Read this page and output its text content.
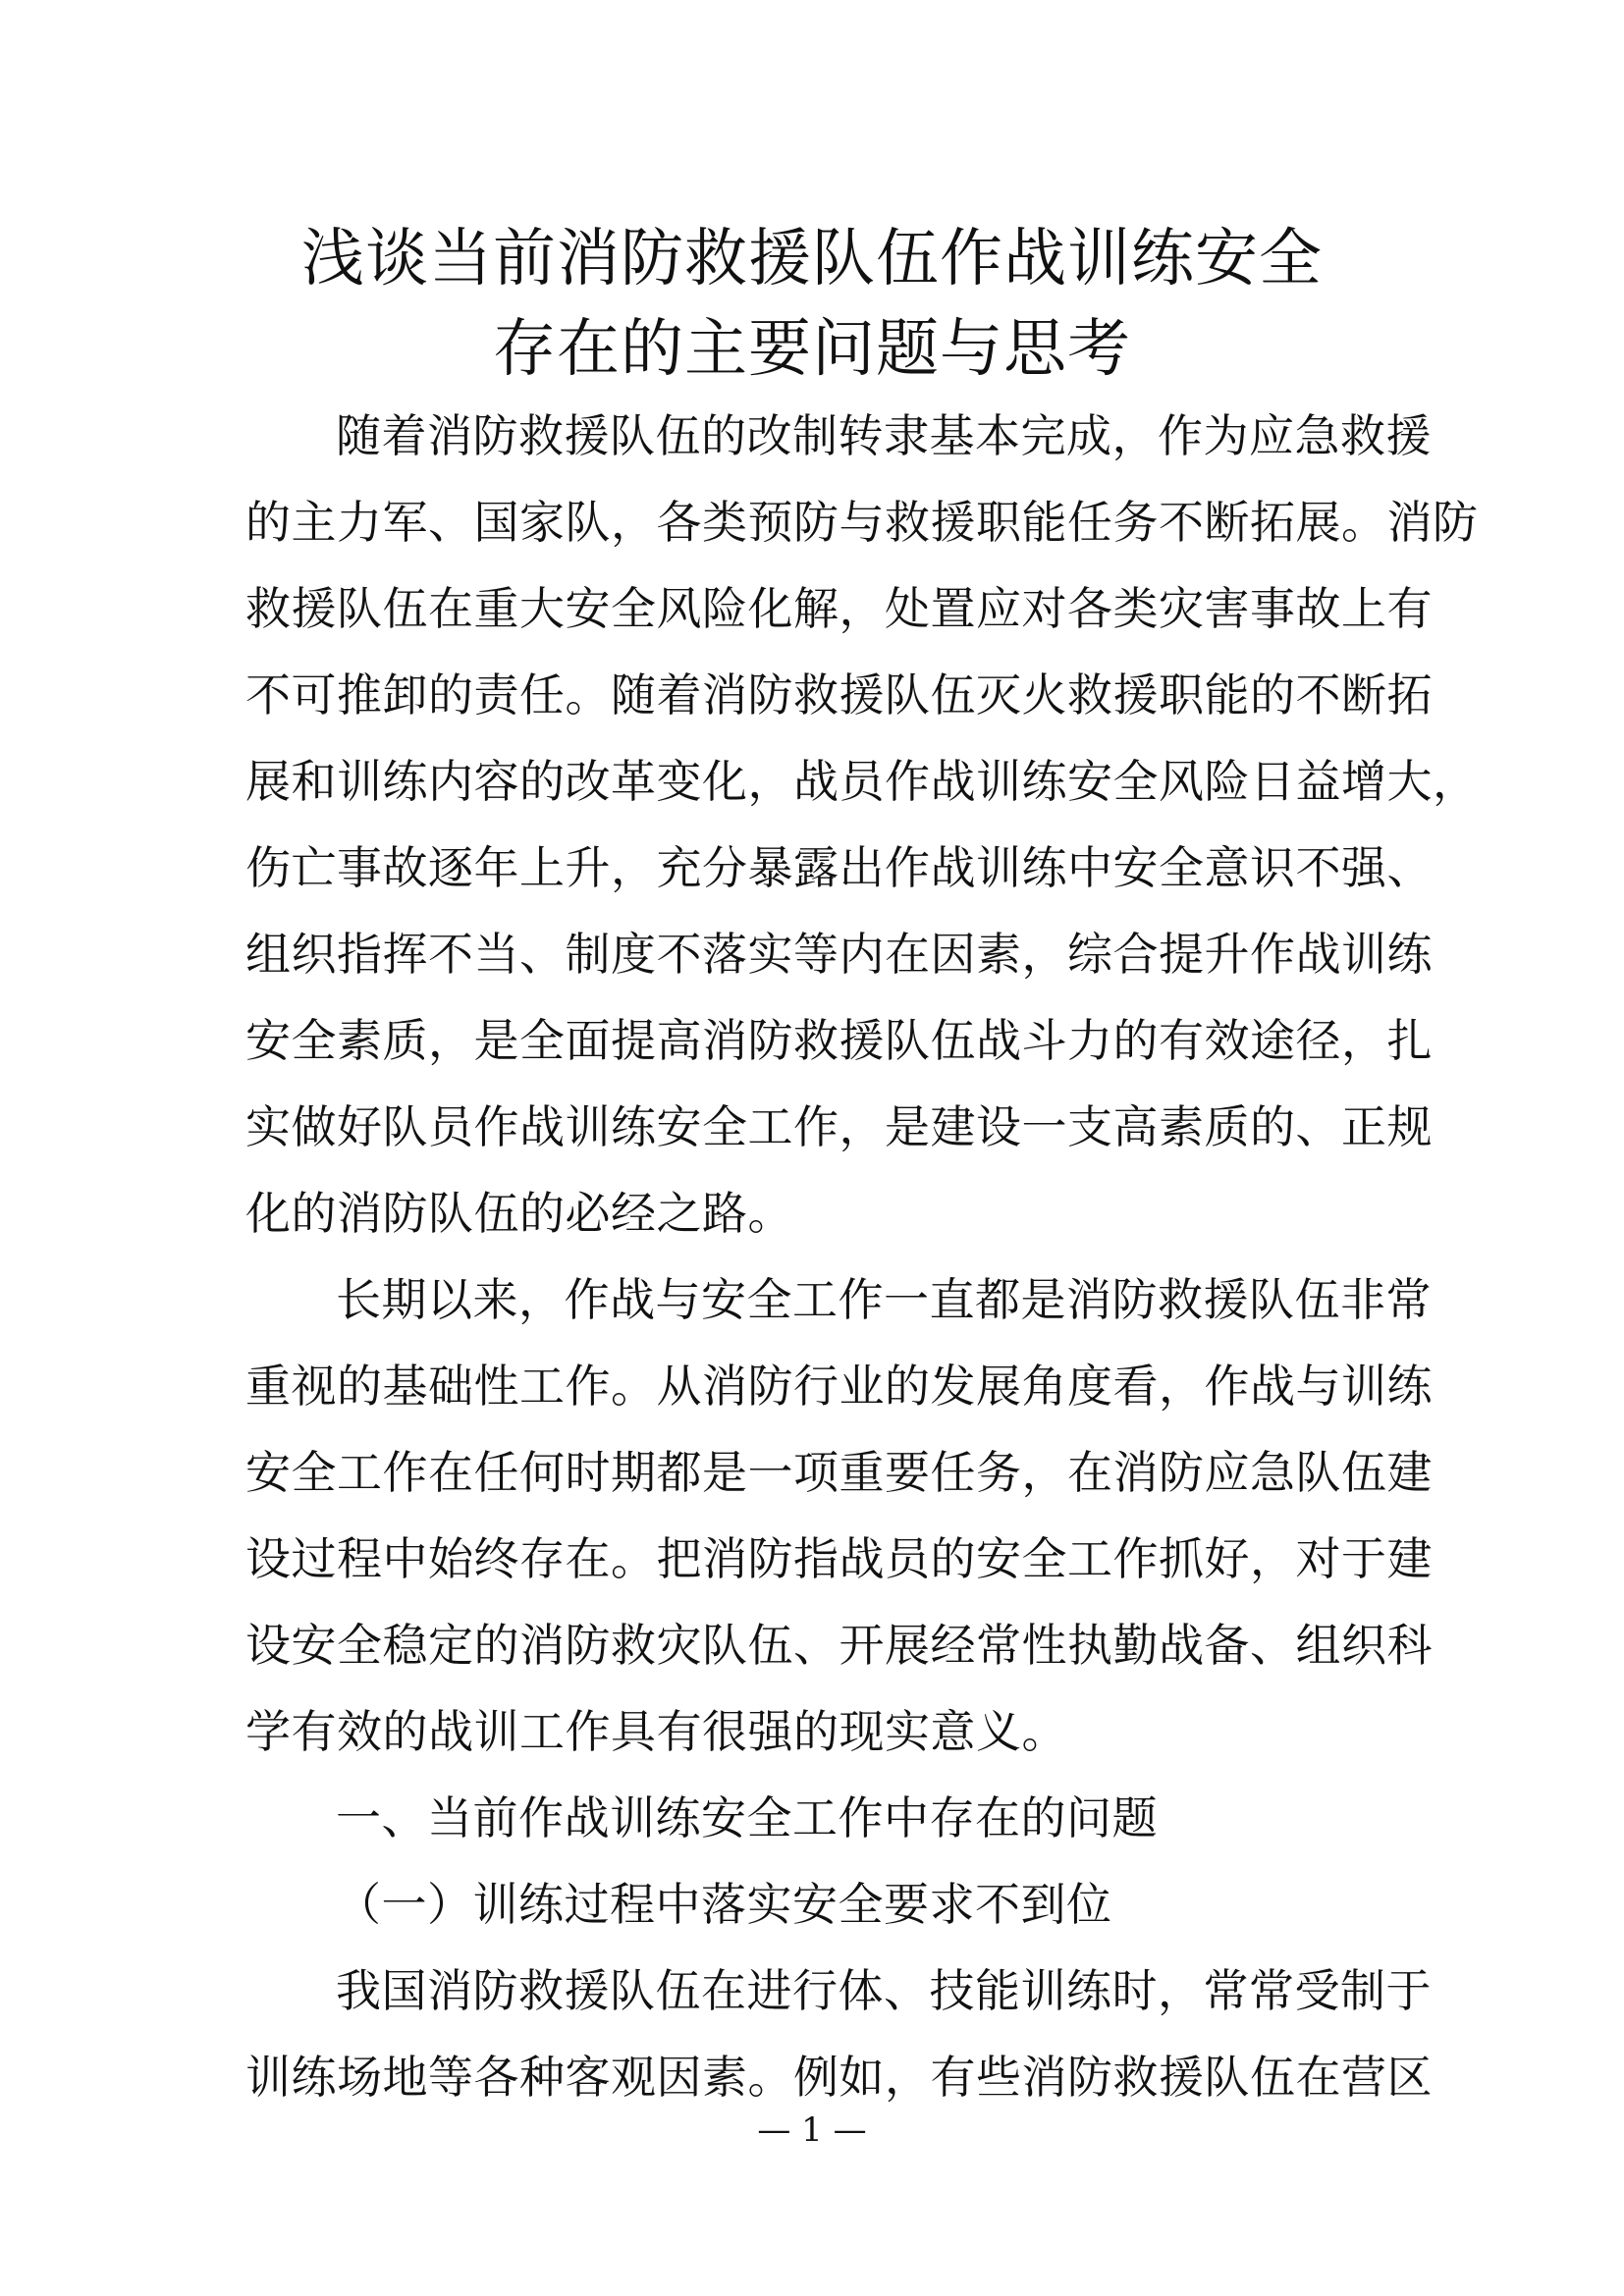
浅谈当前消防救援队伍作战训练安全
存在的主要问题与思考
随着消防救援队伍的改制转隶基本完成，作为应急救援
的主力军、国家队，各类预防与救援职能任务不断拓展。消防
救援队伍在重大安全风险化解，处置应对各类灾害事故上有
不可推卸的责任。随着消防救援队伍灭火救援职能的不断拓
展和训练内容的改革变化，战员作战训练安全风险日益增大，
伤亡事故逐年上升，充分暴露出作战训练中安全意识不强、
组织指挥不当、制度不落实等内在因素，综合提升作战训练
安全素质，是全面提高消防救援队伍战斗力的有效途径，扎
实做好队员作战训练安全工作，是建设一支高素质的、正规
化的消防队伍的必经之路。
长期以来，作战与安全工作一直都是消防救援队伍非常
重视的基础性工作。从消防行业的发展角度看，作战与训练
安全工作在任何时期都是一项重要任务，在消防应急队伍建
设过程中始终存在。把消防指战员的安全工作抓好，对于建
设安全稳定的消防救灾队伍、开展经常性执勤战备、组织科
学有效的战训工作具有很强的现实意义。
一、当前作战训练安全工作中存在的问题
（一）训练过程中落实安全要求不到位
我国消防救援队伍在进行体、技能训练时，常常受制于
训练场地等各种客观因素。例如，有些消防救援队伍在营区
— 1 —
